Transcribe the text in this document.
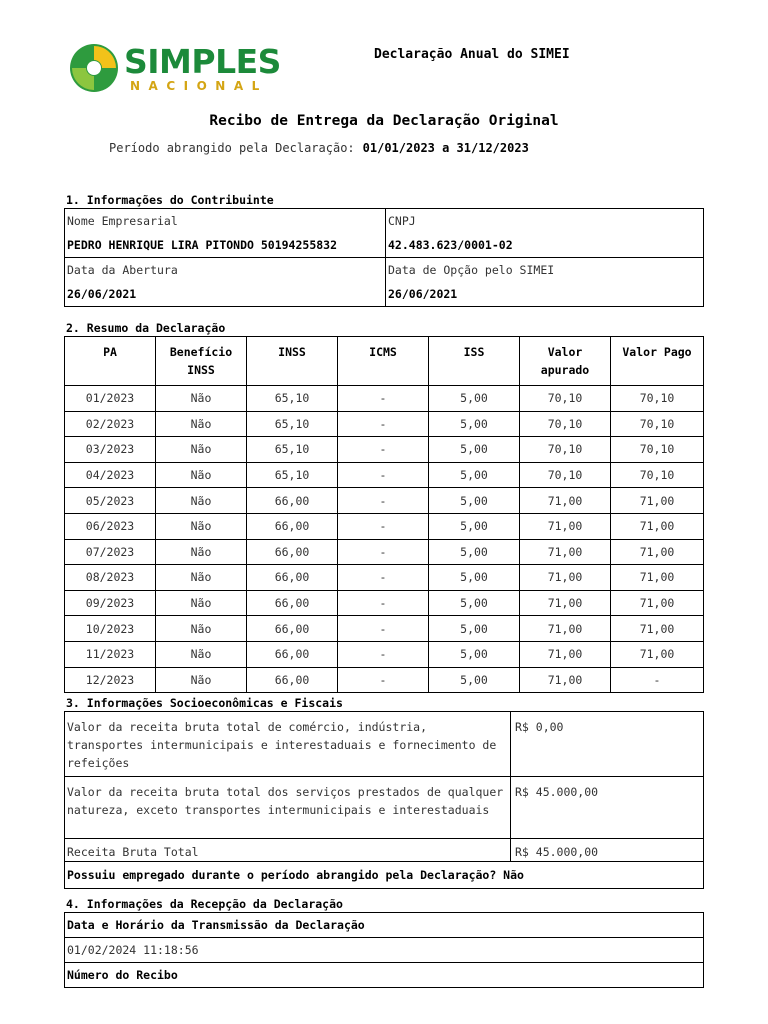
SIMPLES
NACIONAL
Declaração Anual do SIMEI
Recibo de Entrega da Declaração Original
Período abrangido pela Declaração: 01/01/2023 a 31/12/2023
1. Informações do Contribuinte
Nome Empresarial	CNPJ
PEDRO HENRIQUE LIRA PITONDO 50194255832	42.483.623/0001-02
Data da Abertura	Data de Opção pelo SIMEI
26/06/2021	26/06/2021
2. Resumo da Declaração
PA	Benefício INSS	INSS	ICMS	ISS	Valor apurado	Valor Pago
01/2023	Não	65,10	-	5,00	70,10	70,10
02/2023	Não	65,10	-	5,00	70,10	70,10
03/2023	Não	65,10	-	5,00	70,10	70,10
04/2023	Não	65,10	-	5,00	70,10	70,10
05/2023	Não	66,00	-	5,00	71,00	71,00
06/2023	Não	66,00	-	5,00	71,00	71,00
07/2023	Não	66,00	-	5,00	71,00	71,00
08/2023	Não	66,00	-	5,00	71,00	71,00
09/2023	Não	66,00	-	5,00	71,00	71,00
10/2023	Não	66,00	-	5,00	71,00	71,00
11/2023	Não	66,00	-	5,00	71,00	71,00
12/2023	Não	66,00	-	5,00	71,00	-
3. Informações Socioeconômicas e Fiscais
Valor da receita bruta total de comércio, indústria, transportes intermunicipais e interestaduais e fornecimento de refeições	R$ 0,00
Valor da receita bruta total dos serviços prestados de qualquer natureza, exceto transportes intermunicipais e interestaduais	R$ 45.000,00
Receita Bruta Total	R$ 45.000,00
Possuiu empregado durante o período abrangido pela Declaração? Não	
4. Informações da Recepção da Declaração
Data e Horário da Transmissão da Declaração
01/02/2024 11:18:56
Número do Recibo
